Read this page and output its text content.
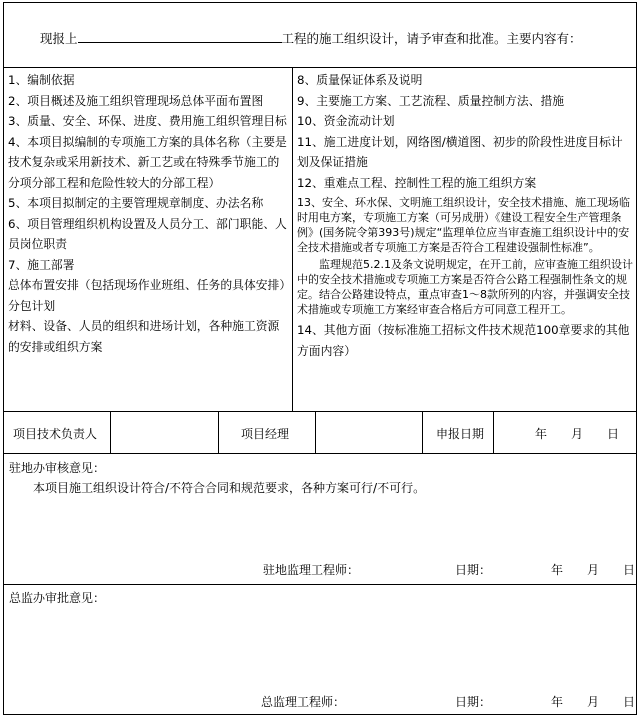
现报上	工程的施工组织设计，请予审查和批准。主要内容有：
1、编制依据
2、项目概述及施工组织管理现场总体平面布置图
3、质量、安全、环保、进度、费用施工组织管理目标
4、本项目拟编制的专项施工方案的具体名称（主要是技术复杂或采用新技术、新工艺或在特殊季节施工的分项分部工程和危险性较大的分部工程）
5、本项目拟制定的主要管理规章制度、办法名称
6、项目管理组织机构设置及人员分工、部门职能、人员岗位职责
7、施工部署
总体布置安排（包括现场作业班组、任务的具体安排）分包计划
材料、设备、人员的组织和进场计划，各种施工资源的安排或组织方案
8、质量保证体系及说明
9、主要施工方案、工艺流程、质量控制方法、措施
10、资金流动计划
11、施工进度计划，网络图/横道图、初步的阶段性进度目标计划及保证措施
12、重难点工程、控制性工程的施工组织方案
13、安全、环水保、文明施工组织设计，安全技术措施、施工现场临时用电方案，专项施工方案（可另成册）《建设工程安全生产管理条例》(国务院令第393号)规定“监理单位应当审查施工组织设计中的安全技术措施或者专项施工方案是否符合工程建设强制性标准”。
监理规范5.2.1及条文说明规定，在开工前，应审查施工组织设计中的安全技术措施或专项施工方案是否符合公路工程强制性条文的规定。结合公路建设特点，重点审查1～8款所列的内容，并强调安全技术措施或专项施工方案经审查合格后方可同意工程开工。
14、其他方面（按标准施工招标文件技术规范100章要求的其他方面内容）
项目技术负责人	项目经理	申报日期	年　　月　　日
驻地办审核意见：
本项目施工组织设计符合/不符合合同和规范要求，各种方案可行/不可行。
驻地监理工程师：	日期：	年　　月　　日
总监办审批意见：
总监理工程师：	日期：	年　　月　　日
